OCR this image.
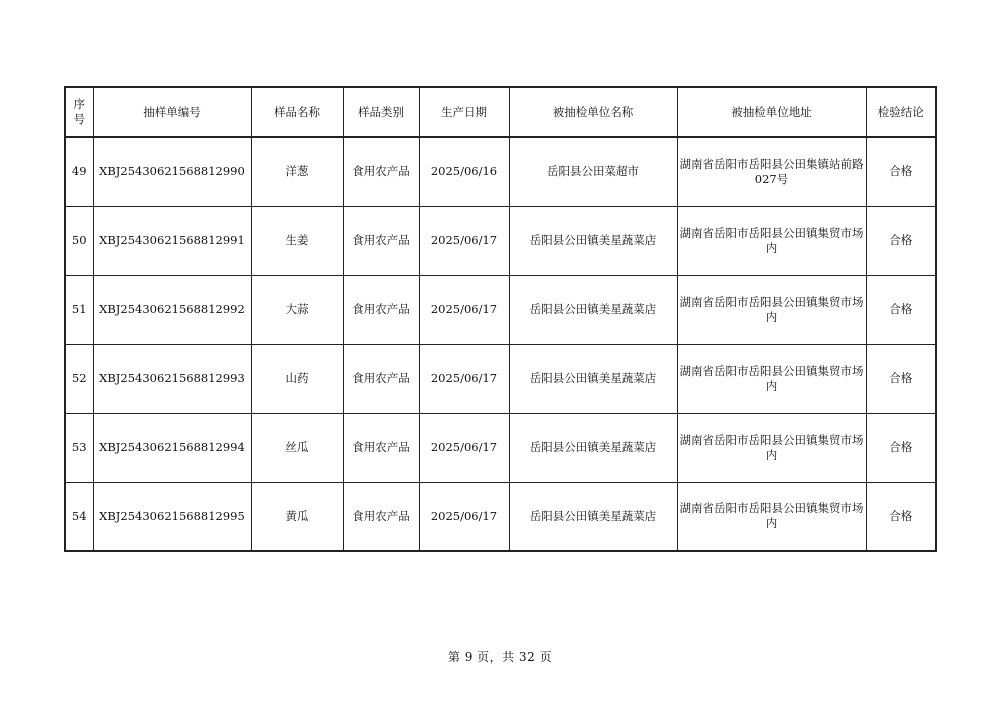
序号	抽样单编号	样品名称	样品类别	生产日期	被抽检单位名称	被抽检单位地址	检验结论
49	XBJ25430621568812990	洋葱	食用农产品	2025/06/16	岳阳县公田菜超市	湖南省岳阳市岳阳县公田集镇站前路027号	合格
50	XBJ25430621568812991	生姜	食用农产品	2025/06/17	岳阳县公田镇美星蔬菜店	湖南省岳阳市岳阳县公田镇集贸市场内	合格
51	XBJ25430621568812992	大蒜	食用农产品	2025/06/17	岳阳县公田镇美星蔬菜店	湖南省岳阳市岳阳县公田镇集贸市场内	合格
52	XBJ25430621568812993	山药	食用农产品	2025/06/17	岳阳县公田镇美星蔬菜店	湖南省岳阳市岳阳县公田镇集贸市场内	合格
53	XBJ25430621568812994	丝瓜	食用农产品	2025/06/17	岳阳县公田镇美星蔬菜店	湖南省岳阳市岳阳县公田镇集贸市场内	合格
54	XBJ25430621568812995	黄瓜	食用农产品	2025/06/17	岳阳县公田镇美星蔬菜店	湖南省岳阳市岳阳县公田镇集贸市场内	合格
第 9 页，共 32 页
